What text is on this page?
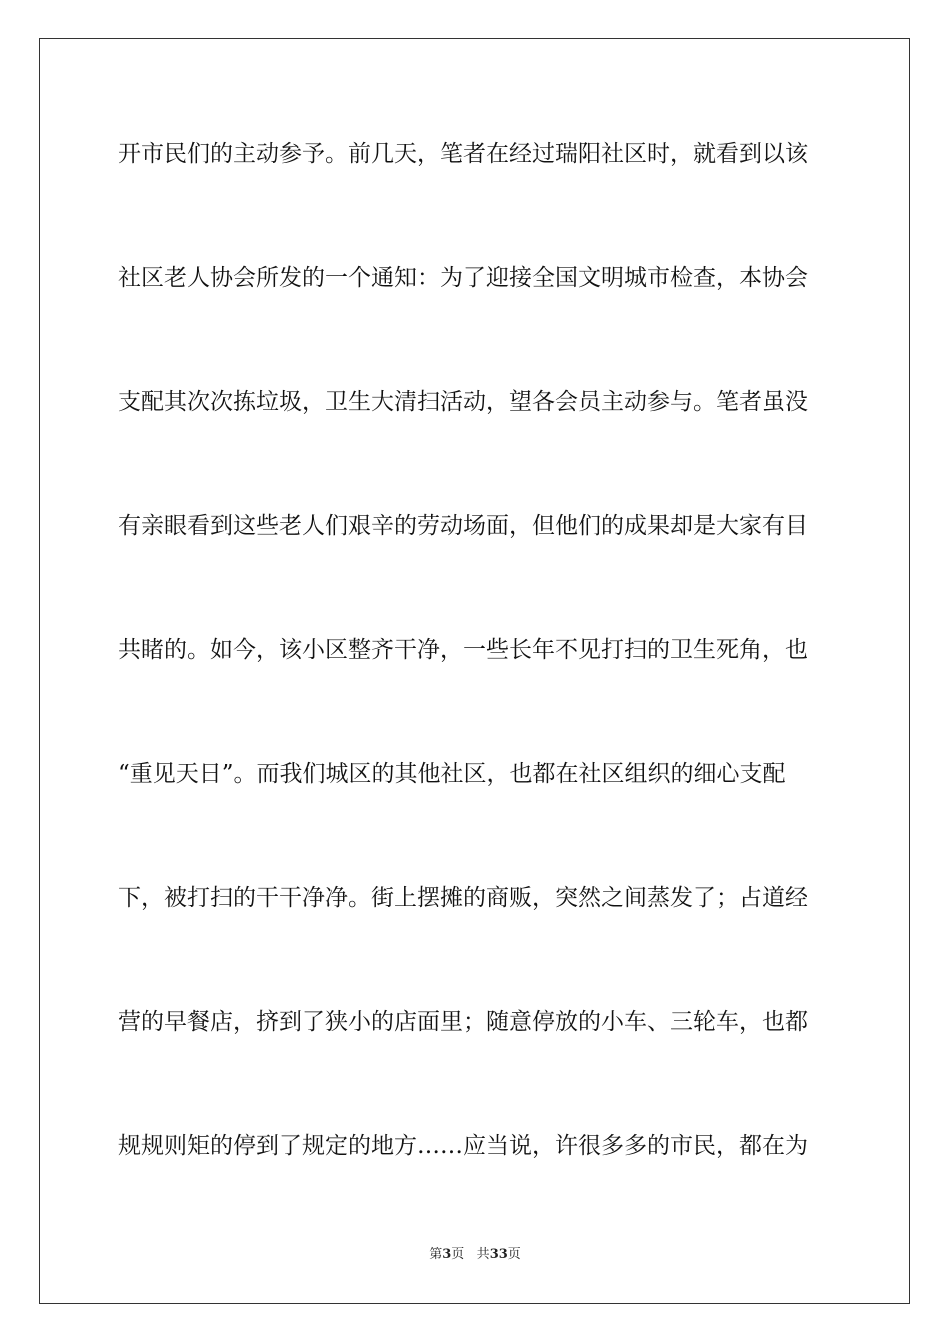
开市民们的主动参予。前几天，笔者在经过瑞阳社区时，就看到以该
社区老人协会所发的一个通知：为了迎接全国文明城市检查，本协会
支配其次次拣垃圾，卫生大清扫活动，望各会员主动参与。笔者虽没
有亲眼看到这些老人们艰辛的劳动场面，但他们的成果却是大家有目
共睹的。如今，该小区整齐干净，一些长年不见打扫的卫生死角，也
“重见天日”。而我们城区的其他社区，也都在社区组织的细心支配
下，被打扫的干干净净。街上摆摊的商贩，突然之间蒸发了；占道经
营的早餐店，挤到了狭小的店面里；随意停放的小车、三轮车，也都
规规则矩的停到了规定的地方……应当说，许很多多的市民，都在为
第3页 共33页
